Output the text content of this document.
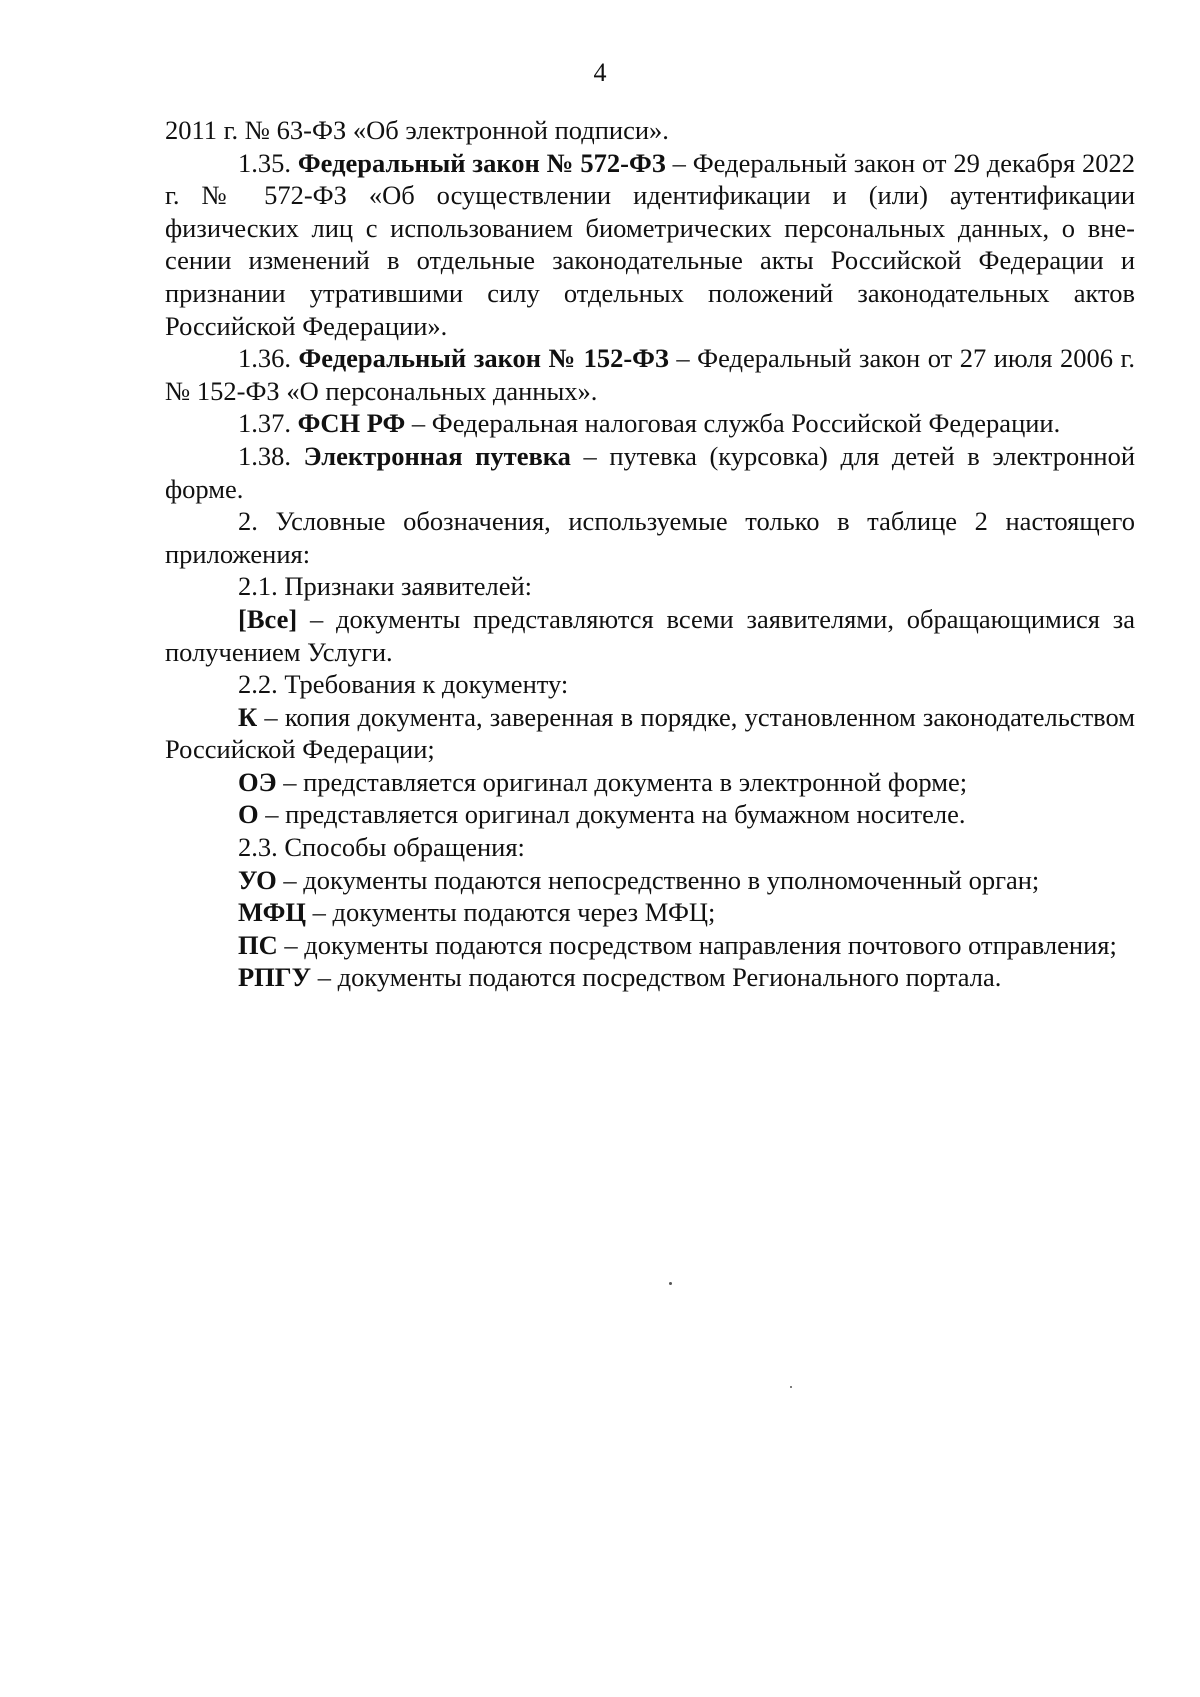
4

2011 г. № 63-ФЗ «Об электронной подписи».

1.35. Федеральный закон № 572-ФЗ – Федеральный закон от 29 декабря 2022 г. № 572-ФЗ «Об осуществлении идентификации и (или) аутентификации физических лиц с использованием биометрических персональных данных, о внесении изменений в отдельные законодательные акты Российской Федерации и признании утратившими силу отдельных положений законодательных актов Российской Федерации».

1.36. Федеральный закон № 152-ФЗ – Федеральный закон от 27 июля 2006 г. № 152-ФЗ «О персональных данных».

1.37. ФСН РФ – Федеральная налоговая служба Российской Федерации.

1.38. Электронная путевка – путевка (курсовка) для детей в электронной форме.

2. Условные обозначения, используемые только в таблице 2 настоящего приложения:

2.1. Признаки заявителей:

[Все] – документы представляются всеми заявителями, обращающимися за получением Услуги.

2.2. Требования к документу:

К – копия документа, заверенная в порядке, установленном законодательством Российской Федерации;

ОЭ – представляется оригинал документа в электронной форме;

О – представляется оригинал документа на бумажном носителе.

2.3. Способы обращения:

УО – документы подаются непосредственно в уполномоченный орган;

МФЦ – документы подаются через МФЦ;

ПС – документы подаются посредством направления почтового отправления;

РПГУ – документы подаются посредством Регионального портала.
